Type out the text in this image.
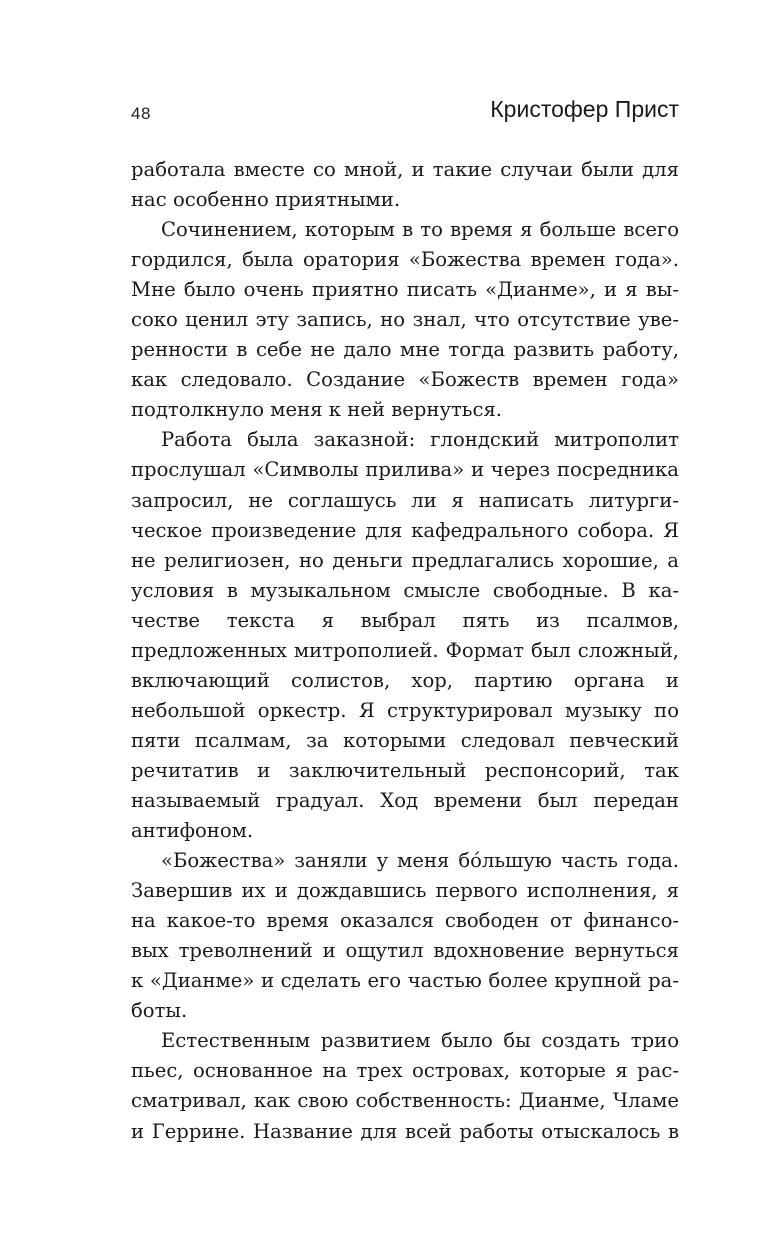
48	Кристофер Прист

работала вместе со мной, и такие случаи были для нас особенно приятными.

Сочинением, которым в то время я больше всего гордился, была оратория «Божества времен года». Мне было очень приятно писать «Дианме», и я высоко ценил эту запись, но знал, что отсутствие уверенности в себе не дало мне тогда развить работу, как следовало. Создание «Божеств времен года» подтолкнуло меня к ней вернуться.

Работа была заказной: глондский митрополит прослушал «Символы прилива» и через посредника запросил, не соглашусь ли я написать литургическое произведение для кафедрального собора. Я не религиозен, но деньги предлагались хорошие, а условия в музыкальном смысле свободные. В качестве текста я выбрал пять из псалмов, предложенных митрополией. Формат был сложный, включающий солистов, хор, партию органа и небольшой оркестр. Я структурировал музыку по пяти псалмам, за которыми следовал певческий речитатив и заключительный респонсорий, так называемый градуал. Ход времени был передан антифоном.

«Божества» заняли у меня бо́льшую часть года. Завершив их и дождавшись первого исполнения, я на какое-то время оказался свободен от финансовых треволнений и ощутил вдохновение вернуться к «Дианме» и сделать его частью более крупной работы.

Естественным развитием было бы создать трио пьес, основанное на трех островах, которые я рассматривал, как свою собственность: Дианме, Чламе и Геррине. Название для всей работы отыскалось в
